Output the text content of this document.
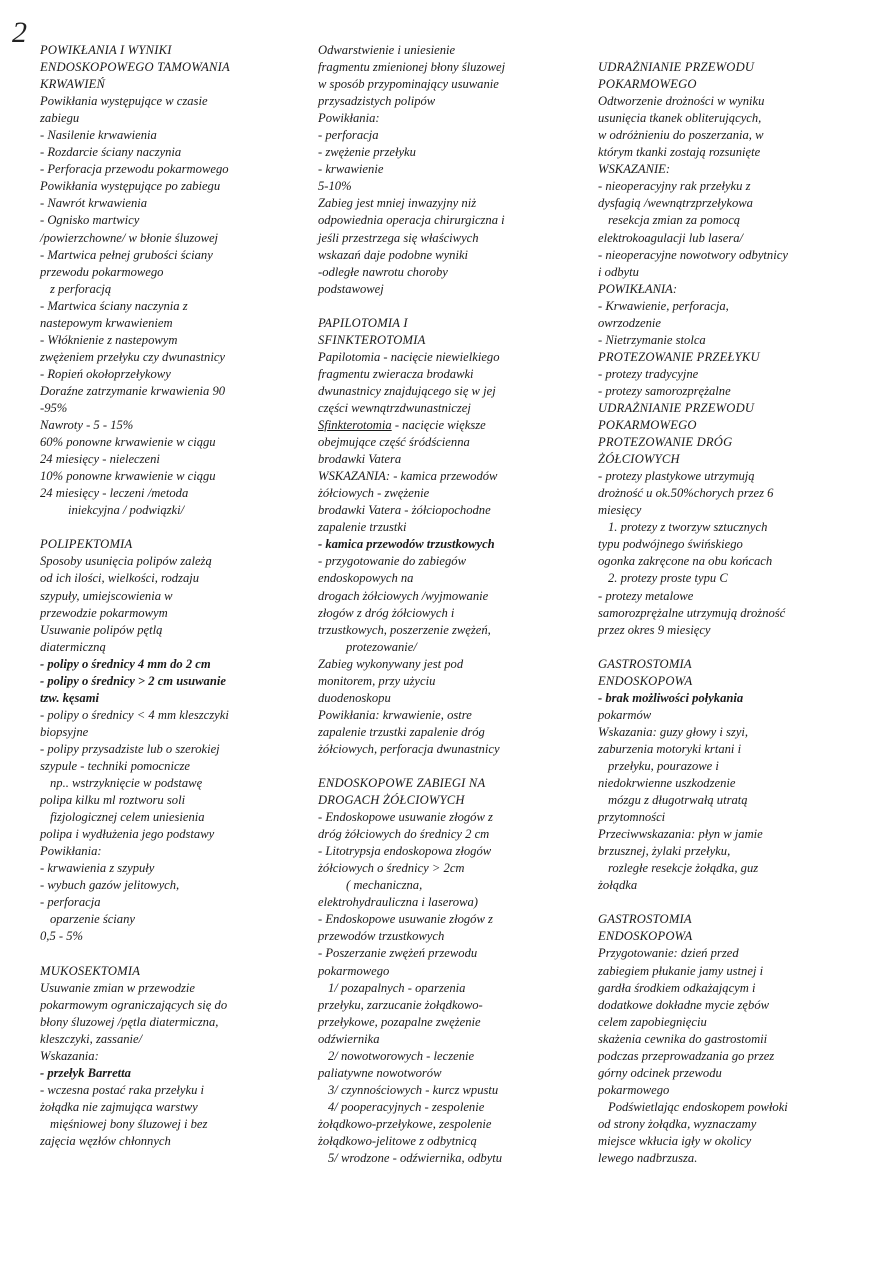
2
POWIKŁANIA I WYNIKI
ENDOSKOPOWEGO TAMOWANIA
KRWAWIEŃ
Powikłania występujące w czasie
zabiegu
- Nasilenie krwawienia
- Rozdarcie ściany naczynia
- Perforacja przewodu pokarmowego
Powikłania występujące po zabiegu
- Nawrót krwawienia
- Ognisko martwicy
/powierzchowne/ w błonie śluzowej
- Martwica pełnej grubości ściany
przewodu pokarmowego
z perforacją
- Martwica ściany naczynia z
nastepowym krwawieniem
- Włóknienie z nastepowym
zwężeniem przełyku czy dwunastnicy
- Ropień okołoprzełykowy
Doraźne zatrzymanie krwawienia 90
-95%
Nawroty - 5 - 15%
60% ponowne krwawienie w ciągu
24 miesięcy - nieleczeni
10% ponowne krwawienie w ciągu
24 miesięcy - leczeni /metoda
iniekcyjna / podwiązki/
POLIPEKTOMIA
Sposoby usunięcia polipów zależą
od ich ilości, wielkości, rodzaju
szypuły, umiejscowienia w
przewodzie pokarmowym
Usuwanie polipów pętlą
diatermiczną
- polipy o średnicy 4 mm do 2 cm
- polipy o średnicy > 2 cm usuwanie
tzw. kęsami
- polipy o średnicy < 4 mm kleszczyki
biopsyjne
- polipy przysadziste lub o szerokiej
szypule - techniki pomocnicze
np.. wstrzyknięcie w podstawę
polipa kilku ml roztworu soli
fizjologicznej celem uniesienia
polipa i wydłużenia jego podstawy
Powikłania:
- krwawienia z szypuły
- wybuch gazów jelitowych,
- perforacja
oparzenie ściany
0,5 - 5%
MUKOSEKTOMIA
Usuwanie zmian w przewodzie
pokarmowym ograniczających się do
błony śluzowej /pętla diatermiczna,
kleszczyki, zassanie/
Wskazania:
- przełyk Barretta
- wczesna postać raka przełyku i
żołądka nie zajmująca warstwy
mięśniowej bony śluzowej i bez
zajęcia węzłów chłonnych
Odwarstwienie i uniesienie
fragmentu zmienionej błony śluzowej
w sposób przypominający usuwanie
przysadzistych polipów
Powikłania:
- perforacja
- zwężenie przełyku
- krwawienie
5-10%
Zabieg jest mniej inwazyjny niż
odpowiednia operacja chirurgiczna i
jeśli przestrzega się właściwych
wskazań daje podobne wyniki
-odległe nawrotu choroby
podstawowej
PAPILOTOMIA I
SFINKTEROTOMIA
Papilotomia - nacięcie niewielkiego
fragmentu zwieracza brodawki
dwunastnicy znajdującego się w jej
części wewnątrzdwunastniczej
Sfinkterotomia - nacięcie większe
obejmujące część śródścienna
brodawki Vatera
WSKAZANIA: - kamica przewodów
żółciowych - zwężenie
brodawki Vatera - żółciopochodne
zapalenie trzustki
- kamica przewodów trzustkowych
- przygotowanie do zabiegów
endoskopowych na
drogach żółciowych /wyjmowanie
złogów z dróg żółciowych i
trzustkowych, poszerzenie zwężeń,
protezowanie/
Zabieg wykonywany jest pod
monitorem, przy użyciu
duodenoskopu
Powikłania: krwawienie, ostre
zapalenie trzustki zapalenie dróg
żółciowych, perforacja dwunastnicy
ENDOSKOPOWE ZABIEGI NA
DROGACH ŻÓŁCIOWYCH
- Endoskopowe usuwanie złogów z
dróg żółciowych do średnicy 2 cm
- Litotrypsja endoskopowa złogów
żółciowych o średnicy > 2cm
( mechaniczna,
elektrohydrauliczna i laserowa)
- Endoskopowe usuwanie złogów z
przewodów trzustkowych
- Poszerzanie zwężeń przewodu
pokarmowego
1/ pozapalnych - oparzenia
przełyku, zarzucanie żołądkowo-
przełykowe, pozapalne zwężenie
odźwiernika
2/ nowotworowych - leczenie
paliatywne nowotworów
3/ czynnościowych - kurcz wpustu
4/ pooperacyjnych - zespolenie
żołądkowo-przełykowe, zespolenie
żołądkowo-jelitowe z odbytnicą
5/ wrodzone - odźwiernika, odbytu
UDRAŻNIANIE PRZEWODU
POKARMOWEGO
Odtworzenie drożności w wyniku
usunięcia tkanek obliterujących,
w odróżnieniu do poszerzania, w
którym tkanki zostają rozsunięte
WSKAZANIE:
- nieoperacyjny rak przełyku z
dysfagią /wewnątrzprzełykowa
resekcja zmian za pomocą
elektrokoagulacji lub lasera/
- nieoperacyjne nowotwory odbytnicy
i odbytu
POWIKŁANIA:
- Krwawienie, perforacja,
owrzodzenie
- Nietrzymanie stolca
PROTEZOWANIE PRZEŁYKU
- protezy tradycyjne
- protezy samorozprężalne
UDRAŻNIANIE PRZEWODU
POKARMOWEGO
PROTEZOWANIE DRÓG
ŻÓŁCIOWYCH
- protezy plastykowe utrzymują
drożność u ok.50%chorych przez 6
miesięcy
1. protezy z tworzyw sztucznych
typu podwójnego świńskiego
ogonka zakręcone na obu końcach
2. protezy proste typu C
- protezy metalowe
samorozprężalne utrzymują drożność
przez okres 9 miesięcy
GASTROSTOMIA
ENDOSKOPOWA
- brak możliwości połykania
pokarmów
Wskazania: guzy głowy i szyi,
zaburzenia motoryki krtani i
przełyku, pourazowe i
niedokrwienne uszkodzenie
mózgu z długotrwałą utratą
przytomności
Przeciwwskazania: płyn w jamie
brzusznej, żylaki przełyku,
rozległe resekcje żołądka, guz
żołądka
GASTROSTOMIA
ENDOSKOPOWA
Przygotowanie: dzień przed
zabiegiem płukanie jamy ustnej i
gardła środkiem odkażającym i
dodatkowe dokładne mycie zębów
celem zapobiegnięciu
skażenia cewnika do gastrostomii
podczas przeprowadzania go przez
górny odcinek przewodu
pokarmowego
Podświetlając endoskopem powłoki
od strony żołądka, wyznaczamy
miejsce wkłucia igły w okolicy
lewego nadbrzusza.
